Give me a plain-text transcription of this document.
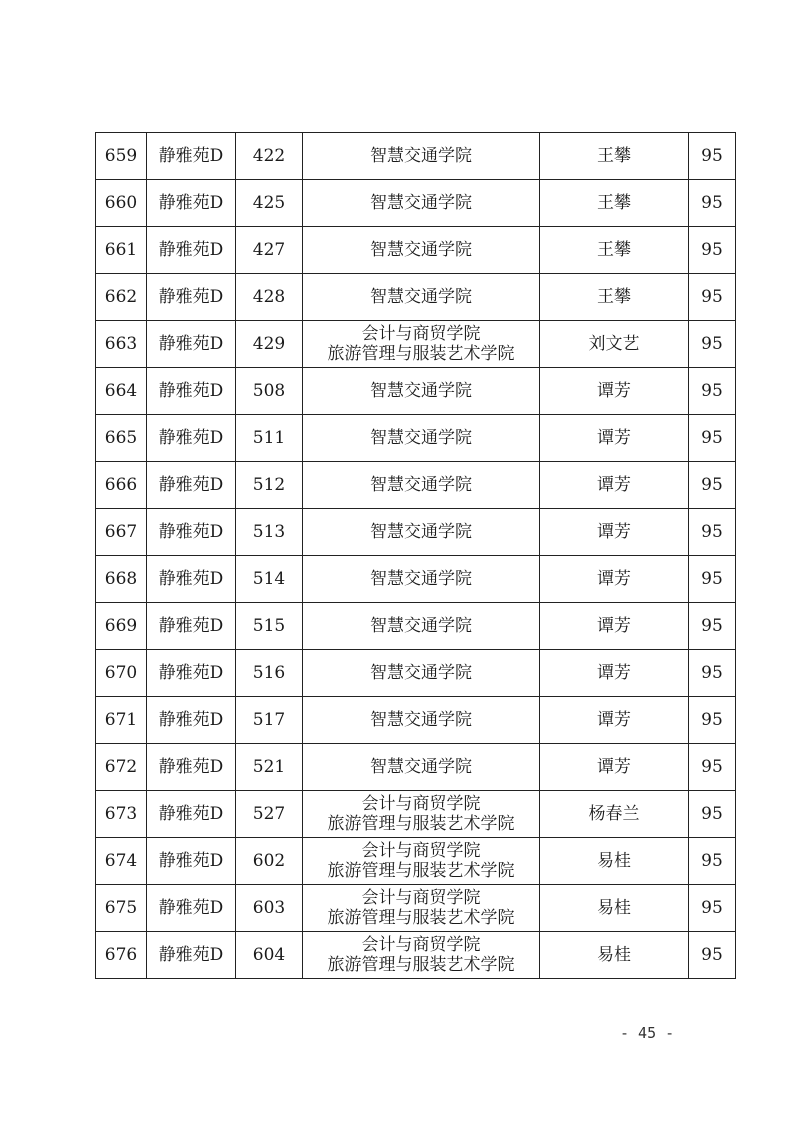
659	静雅苑D	422	智慧交通学院	王攀	95
660	静雅苑D	425	智慧交通学院	王攀	95
661	静雅苑D	427	智慧交通学院	王攀	95
662	静雅苑D	428	智慧交通学院	王攀	95
663	静雅苑D	429	会计与商贸学院
旅游管理与服装艺术学院	刘文艺	95
664	静雅苑D	508	智慧交通学院	谭芳	95
665	静雅苑D	511	智慧交通学院	谭芳	95
666	静雅苑D	512	智慧交通学院	谭芳	95
667	静雅苑D	513	智慧交通学院	谭芳	95
668	静雅苑D	514	智慧交通学院	谭芳	95
669	静雅苑D	515	智慧交通学院	谭芳	95
670	静雅苑D	516	智慧交通学院	谭芳	95
671	静雅苑D	517	智慧交通学院	谭芳	95
672	静雅苑D	521	智慧交通学院	谭芳	95
673	静雅苑D	527	会计与商贸学院
旅游管理与服装艺术学院	杨春兰	95
674	静雅苑D	602	会计与商贸学院
旅游管理与服装艺术学院	易桂	95
675	静雅苑D	603	会计与商贸学院
旅游管理与服装艺术学院	易桂	95
676	静雅苑D	604	会计与商贸学院
旅游管理与服装艺术学院	易桂	95
- 45 -
